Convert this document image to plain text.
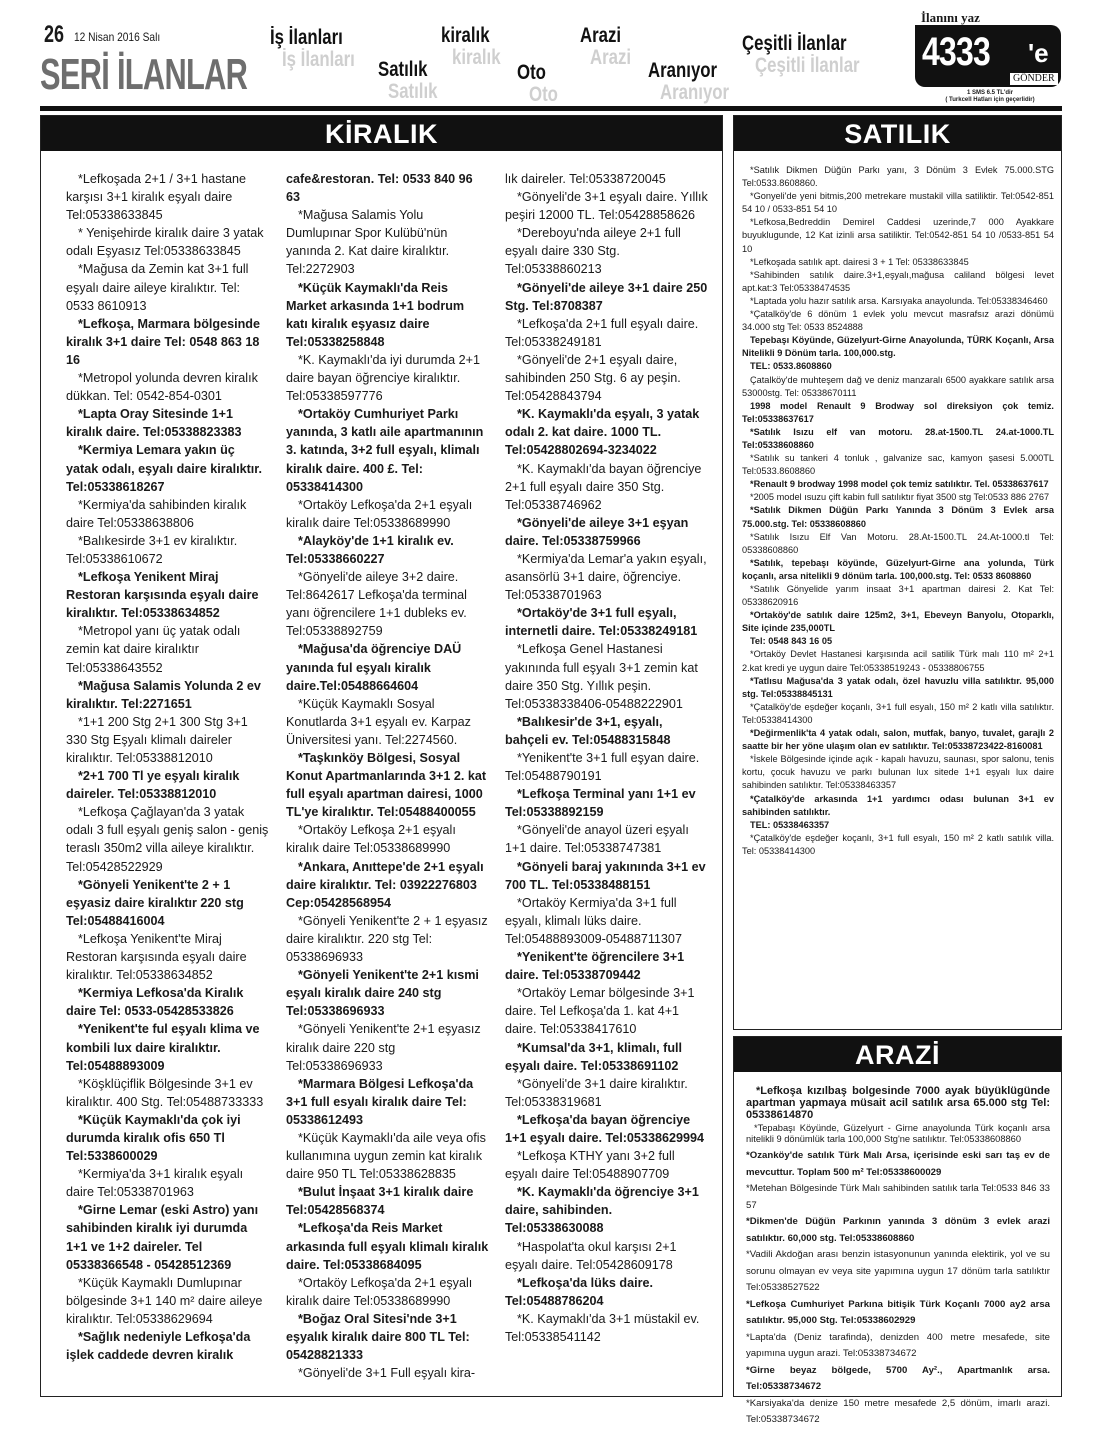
26 12 Nisan 2016 Salı
SERİ İLANLAR
İş İlanları
İş İlanları
kiralık
kiralık
Arazi
Arazi
Çeşitli İlanlar
Çeşitli İlanlar
Satılık
Satılık
Oto
Oto
Aranıyor
Aranıyor
İlanını yaz
4333 'e
GÖNDER
1 SMS 6.5 TL'dir
( Turkcell Hatları için geçerlidir)
KİRALIK

*Lefkoşada 2+1 / 3+1 hastane karşısı 3+1 kiralık eşyalı daire Tel:05338633845

* Yenişehirde kiralık daire 3 yatak odalı Eşyasız Tel:05338633845

*Mağusa da Zemin kat 3+1 full eşyalı daire aileye kiralıktır. Tel: 0533 8610913

*Lefkoşa, Marmara bölgesinde kiralık 3+1 daire Tel: 0548 863 18 16

*Metropol yolunda devren kiralık dükkan. Tel: 0542-854-0301

*Lapta Oray Sitesinde 1+1 kiralık daire. Tel:05338823383

*Kermiya Lemara yakın üç yatak odalı, eşyalı daire kiralıktır. Tel:05338618267

*Kermiya'da sahibinden kiralık daire Tel:05338638806

*Balıkesirde 3+1 ev kiralıktır. Tel:05338610672

*Lefkoşa Yenikent Miraj Restoran karşısında eşyalı daire kiralıktır. Tel:05338634852

*Metropol yanı üç yatak odalı zemin kat daire kiralıktır Tel:05338643552

*Mağusa Salamis Yolunda 2 ev kiralıktır. Tel:2271651

*1+1 200 Stg 2+1 300 Stg 3+1 330 Stg Eşyalı klimalı daireler kiralıktır. Tel:05338812010

*2+1 700 Tl ye eşyalı kiralık daireler. Tel:05338812010

*Lefkoşa Çağlayan'da 3 yatak odalı 3 full eşyalı geniş salon - geniş teraslı 350m2 villa aileye kiralıktır. Tel:05428522929

*Gönyeli Yenikent'te 2 + 1 eşyasiz daire kiralıktır 220 stg Tel:05488416004

*Lefkoşa Yenikent'te Miraj Restoran karşısında eşyalı daire kiralıktır. Tel:05338634852

*Kermiya Lefkosa'da Kiralık daire Tel: 0533-05428533826

*Yenikent'te ful eşyalı klima ve kombili lux daire kiralıktır. Tel:05488893009

*Köşklüçiflik Bölgesinde 3+1 ev kiralıktır. 400 Stg. Tel:05488733333

*Küçük Kaymaklı'da çok iyi durumda kiralık ofis 650 Tl Tel:5338600029

*Kermiya'da 3+1 kiralık eşyalı daire Tel:05338701963

*Girne Lemar (eski Astro) yanı sahibinden kiralık iyi durumda 1+1 ve 1+2 daireler. Tel 05338366548 - 05428512369

*Küçük Kaymaklı Dumlupınar bölgesinde 3+1 140 m² daire aileye kiralıktır. Tel:05338629694

*Sağlık nedeniyle Lefkoşa'da işlek caddede devren kiralık

cafe&restoran. Tel: 0533 840 96 63

*Mağusa Salamis Yolu Dumlupınar Spor Kulübü'nün yanında 2. Kat daire kiralıktır. Tel:2272903

*Küçük Kaymaklı'da Reis Market arkasında 1+1 bodrum katı kiralık eşyasız daire Tel:05338258848

*K. Kaymaklı'da iyi durumda 2+1 daire bayan öğrenciye kiralıktır. Tel:05338597776

*Ortaköy Cumhuriyet Parkı yanında, 3 katlı aile apartmanının 3. katında, 3+2 full eşyalı, klimalı kiralık daire. 400 £. Tel: 05338414300

*Ortaköy Lefkoşa'da 2+1 eşyalı kiralık daire Tel:05338689990

*Alayköy'de 1+1 kiralık ev. Tel:05338660227

*Gönyeli'de aileye 3+2 daire. Tel:8642617 Lefkoşa'da terminal yanı öğrencilere 1+1 dubleks ev. Tel:05338892759

*Mağusa'da öğrenciye DAÜ yanında ful eşyalı kiralık daire.Tel:05488664604

*Küçük Kaymaklı Sosyal Konutlarda 3+1 eşyalı ev. Karpaz Üniversitesi yanı. Tel:2274560.

*Taşkınköy Bölgesi, Sosyal Konut Apartmanlarında 3+1 2. kat full eşyalı apartman dairesi, 1000 TL'ye kiralıktır. Tel:05488400055

*Ortaköy Lefkoşa 2+1 eşyalı kiralık daire Tel:05338689990

*Ankara, Anıttepe'de 2+1 eşyalı daire kiralıktır. Tel: 03922276803 Cep:05428568954

*Gönyeli Yenikent'te 2 + 1 eşyasız daire kiralıktır. 220 stg Tel: 05338696933

*Gönyeli Yenikent'te 2+1 kısmi eşyalı kiralık daire 240 stg Tel:05338696933

*Gönyeli Yenikent'te 2+1 eşyasız kiralık daire 220 stg Tel:05338696933

*Marmara Bölgesi Lefkoşa'da 3+1 full esyalı kiralık daire Tel: 05338612493

*Küçük Kaymaklı'da aile veya ofis kullanımına uygun zemin kat kiralık daire 950 TL Tel:05338628835

*Bulut İnşaat 3+1 kiralık daire Tel:05428568374

*Lefkoşa'da Reis Market arkasında full eşyalı klimalı kiralık daire. Tel:05338684095

*Ortaköy Lefkoşa'da 2+1 eşyalı kiralık daire Tel:05338689990

*Boğaz Oral Sitesi'nde 3+1 eşyalık kiralık daire 800 TL Tel: 05428821333

*Gönyeli'de 3+1 Full eşyalı kira-

lık daireler. Tel:05338720045

*Gönyeli'de 3+1 eşyalı daire. Yıllık peşiri 12000 TL. Tel:05428858626

*Dereboyu'nda aileye 2+1 full eşyalı daire 330 Stg. Tel:05338860213

*Gönyeli'de aileye 3+1 daire 250 Stg. Tel:8708387

*Lefkoşa'da 2+1 full eşyalı daire. Tel:05338249181

*Gönyeli'de 2+1 eşyalı daire, sahibinden 250 Stg. 6 ay peşin. Tel:05428843794

*K. Kaymaklı'da eşyalı, 3 yatak odalı 2. kat daire. 1000 TL. Tel:05428802694-3234022

*K. Kaymaklı'da bayan öğrenciye 2+1 full eşyalı daire 350 Stg. Tel:05338746962

*Gönyeli'de aileye 3+1 eşyan daire. Tel:05338759966

*Kermiya'da Lemar'a yakın eşyalı, asansörlü 3+1 daire, öğrenciye. Tel:05338701963

*Ortaköy'de 3+1 full eşyalı, internetli daire. Tel:05338249181

*Lefkoşa Genel Hastanesi yakınında full eşyalı 3+1 zemin kat daire 350 Stg. Yıllık peşin. Tel:05338338406-05488222901

*Balıkesir'de 3+1, eşyalı, bahçeli ev. Tel:05488315848

*Yenikent'te 3+1 full eşyan daire. Tel:05488790191

*Lefkoşa Terminal yanı 1+1 ev Tel:05338892159

*Gönyeli'de anayol üzeri eşyalı 1+1 daire. Tel:05338747381

*Gönyeli baraj yakınında 3+1 ev 700 TL. Tel:05338488151

*Ortaköy Kermiya'da 3+1 full eşyalı, klimalı lüks daire. Tel:05488893009-05488711307

*Yenikent'te öğrencilere 3+1 daire. Tel:05338709442

*Ortaköy Lemar bölgesinde 3+1 daire. Tel Lefkoşa'da 1. kat 4+1 daire. Tel:05338417610

*Kumsal'da 3+1, klimalı, full eşyalı daire. Tel:05338691102

*Gönyeli'de 3+1 daire kiralıktır. Tel:05338319681

*Lefkoşa'da bayan öğrenciye 1+1 eşyalı daire. Tel:05338629994

*Lefkoşa KTHY yanı 3+2 full eşyalı daire Tel:05488907709

*K. Kaymaklı'da öğrenciye 3+1 daire, sahibinden. Tel:05338630088

*Haspolat'ta okul karşısı 2+1 eşyalı daire. Tel:05428609178

*Lefkoşa'da lüks daire. Tel:05488786204

*K. Kaymaklı'da 3+1 müstakil ev. Tel:05338541142

SATILIK

*Satılık Dikmen Düğün Parkı yanı, 3 Dönüm 3 Evlek 75.000.STG Tel:0533.8608860.

*Gonyeli'de yeni bitmis,200 metrekare mustakil villa satiliktir. Tel:0542-851 54 10 / 0533-851 54 10

*Lefkosa,Bedreddin Demirel Caddesi uzerinde,7 000 Ayakkare buyuklugunde, 12 Kat izinli arsa satiliktir. Tel:0542-851 54 10 /0533-851 54 10

*Lefkoşada satılık apt. dairesi 3 + 1 Tel: 05338633845

*Sahibinden satılık daire.3+1,eşyalı,mağusa caliland bölgesi levet apt.kat:3 Tel:05338474535

*Laptada yolu hazır satılık arsa. Karsıyaka anayolunda. Tel:05338346460

*Çatalköy'de 6 dönüm 1 evlek yolu mevcut masrafsız arazi dönümü 34.000 stg Tel: 0533 8524888

Tepebaşı Köyünde, Güzelyurt-Girne Anayolunda, TÜRK Koçanlı, Arsa Nitelikli 9 Dönüm tarla. 100,000.stg.

TEL: 0533.8608860

Çatalköy'de muhteşem dağ ve deniz manzaralı 6500 ayakkare satılık arsa 53000stg. Tel: 05338670111

1998 model Renault 9 Brodway sol direksiyon çok temiz. Tel:05338637617

*Satılık Isızu elf van motoru. 28.at-1500.TL 24.at-1000.TL Tel:05338608860

*Satılık su tankeri 4 tonluk , galvanize sac, kamyon şasesi 5.000TL Tel:0533.8608860

*Renault 9 brodway 1998 model çok temiz satılıktır. Tel. 05338637617

*2005 model ısuzu çift kabin full satılıktır fiyat 3500 stg Tel:0533 886 2767

*Satılık Dikmen Düğün Parkı Yanında 3 Dönüm 3 Evlek arsa 75.000.stg. Tel: 05338608860

*Satılık Isızu Elf Van Motoru. 28.At-1500.TL 24.At-1000.tl Tel: 05338608860

*Satılık, tepebaşı köyünde, Güzelyurt-Girne ana yolunda, Türk koçanlı, arsa nitelikli 9 dönüm tarla. 100,000.stg. Tel: 0533 8608860

*Satılık Gönyelide yarım insaat 3+1 apartman dairesi 2. Kat Tel: 05338620916

*Ortaköy'de satılık daire 125m2, 3+1, Ebeveyn Banyolu, Otoparklı, Site içinde 235,000TL

Tel: 0548 843 16 05

*Ortaköy Devlet Hastanesi karşısında acil satilik Türk malı 110 m² 2+1 2.kat kredi ye uygun daire Tel:05338519243 - 05338806755

*Tatlısu Mağusa'da 3 yatak odalı, özel havuzlu villa satılıktır. 95,000 stg. Tel:05338845131

*Çatalköy'de eşdeğer koçanlı, 3+1 full esyalı, 150 m² 2 katlı villa satılıktır. Tel:05338414300

*Değirmenlik'ta 4 yatak odalı, salon, mutfak, banyo, tuvalet, garajlı 2 saatte bir her yöne ulaşım olan ev satılıktır. Tel:05338723422-8160081

*İskele Bölgesinde içinde açık - kapalı havuzu, saunası, spor salonu, tenis kortu, çocuk havuzu ve parkı bulunan lux sitede 1+1 eşyalı lux daire sahibinden satılıktır. Tel:05338463357

*Çatalköy'de arkasında 1+1 yardımcı odası bulunan 3+1 ev sahibinden satılıktır.

TEL: 05338463357

*Çatalköy'de eşdeğer koçanlı, 3+1 full esyalı, 150 m² 2 katlı satılık villa. Tel: 05338414300

ARAZİ

*Lefkoşa kızılbaş bolgesinde 7000 ayak büyüklügünde apartman yapmaya müsait acil satılık arsa 65.000 stg Tel: 05338614870

*Tepabaşı Köyünde, Güzelyurt - Girne anayolunda Türk koçanlı arsa nitelikli 9 dönümlük tarla 100,000 Stg'ne satılıktır. Tel:05338608860

*Ozanköy'de satılık Türk Malı Arsa, içerisinde eski sarı taş ev de mevcuttur. Toplam 500 m² Tel:05338600029

*Metehan Bölgesinde Türk Malı sahibinden satılık tarla Tel:0533 846 33 57

*Dikmen'de Düğün Parkının yanında 3 dönüm 3 evlek arazi satılıktır. 60,000 stg. Tel:05338608860

*Vadili Akdoğan arası benzin istasyonunun yanında elektirik, yol ve su sorunu olmayan ev veya site yapımına uygun 17 dönüm tarla satılıktır Tel:05338527522

*Lefkoşa Cumhuriyet Parkına bitişik Türk Koçanlı 7000 ay2 arsa satılıktır. 95,000 Stg. Tel:05338602929

*Lapta'da (Deniz tarafinda), denizden 400 metre mesafede, site yapımına uygun arazi. Tel:05338734672

*Girne beyaz bölgede, 5700 Ay²., Apartmanlık arsa. Tel:05338734672

*Karsiyaka'da denize 150 metre mesafede 2,5 dönüm, imarlı arazi. Tel:05338734672
